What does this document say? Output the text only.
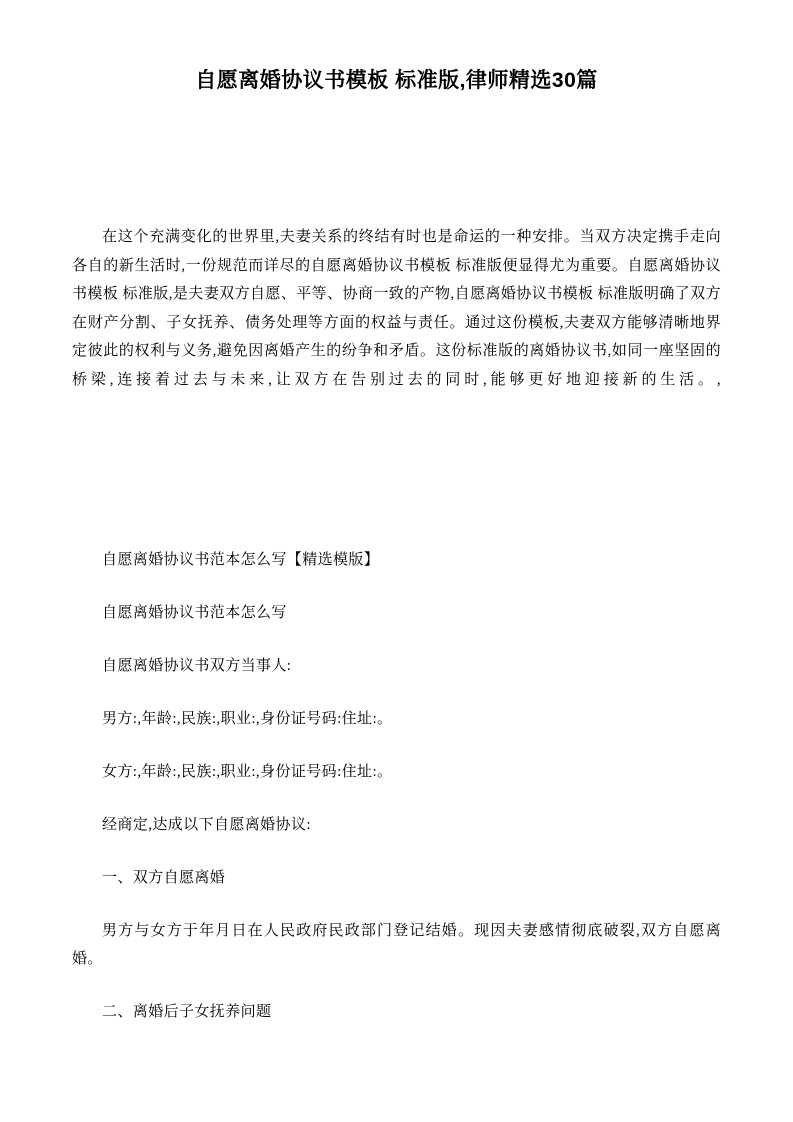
自愿离婚协议书模板 标准版,律师精选30篇

在这个充满变化的世界里,夫妻关系的终结有时也是命运的一种安排。当双方决定携手走向各自的新生活时,一份规范而详尽的自愿离婚协议书模板 标准版便显得尤为重要。自愿离婚协议书模板 标准版,是夫妻双方自愿、平等、协商一致的产物,自愿离婚协议书模板 标准版明确了双方在财产分割、子女抚养、债务处理等方面的权益与责任。通过这份模板,夫妻双方能够清晰地界定彼此的权利与义务,避免因离婚产生的纷争和矛盾。这份标准版的离婚协议书,如同一座坚固的桥梁,连接着过去与未来,让双方在告别过去的同时,能够更好地迎接新的生活。,

自愿离婚协议书范本怎么写【精选模版】

自愿离婚协议书范本怎么写

自愿离婚协议书双方当事人:

男方:,年龄:,民族:,职业:,身份证号码:住址:。

女方:,年龄:,民族:,职业:,身份证号码:住址:。

经商定,达成以下自愿离婚协议:

一、双方自愿离婚

男方与女方于年月日在人民政府民政部门登记结婚。现因夫妻感情彻底破裂,双方自愿离婚。

二、离婚后子女抚养问题
